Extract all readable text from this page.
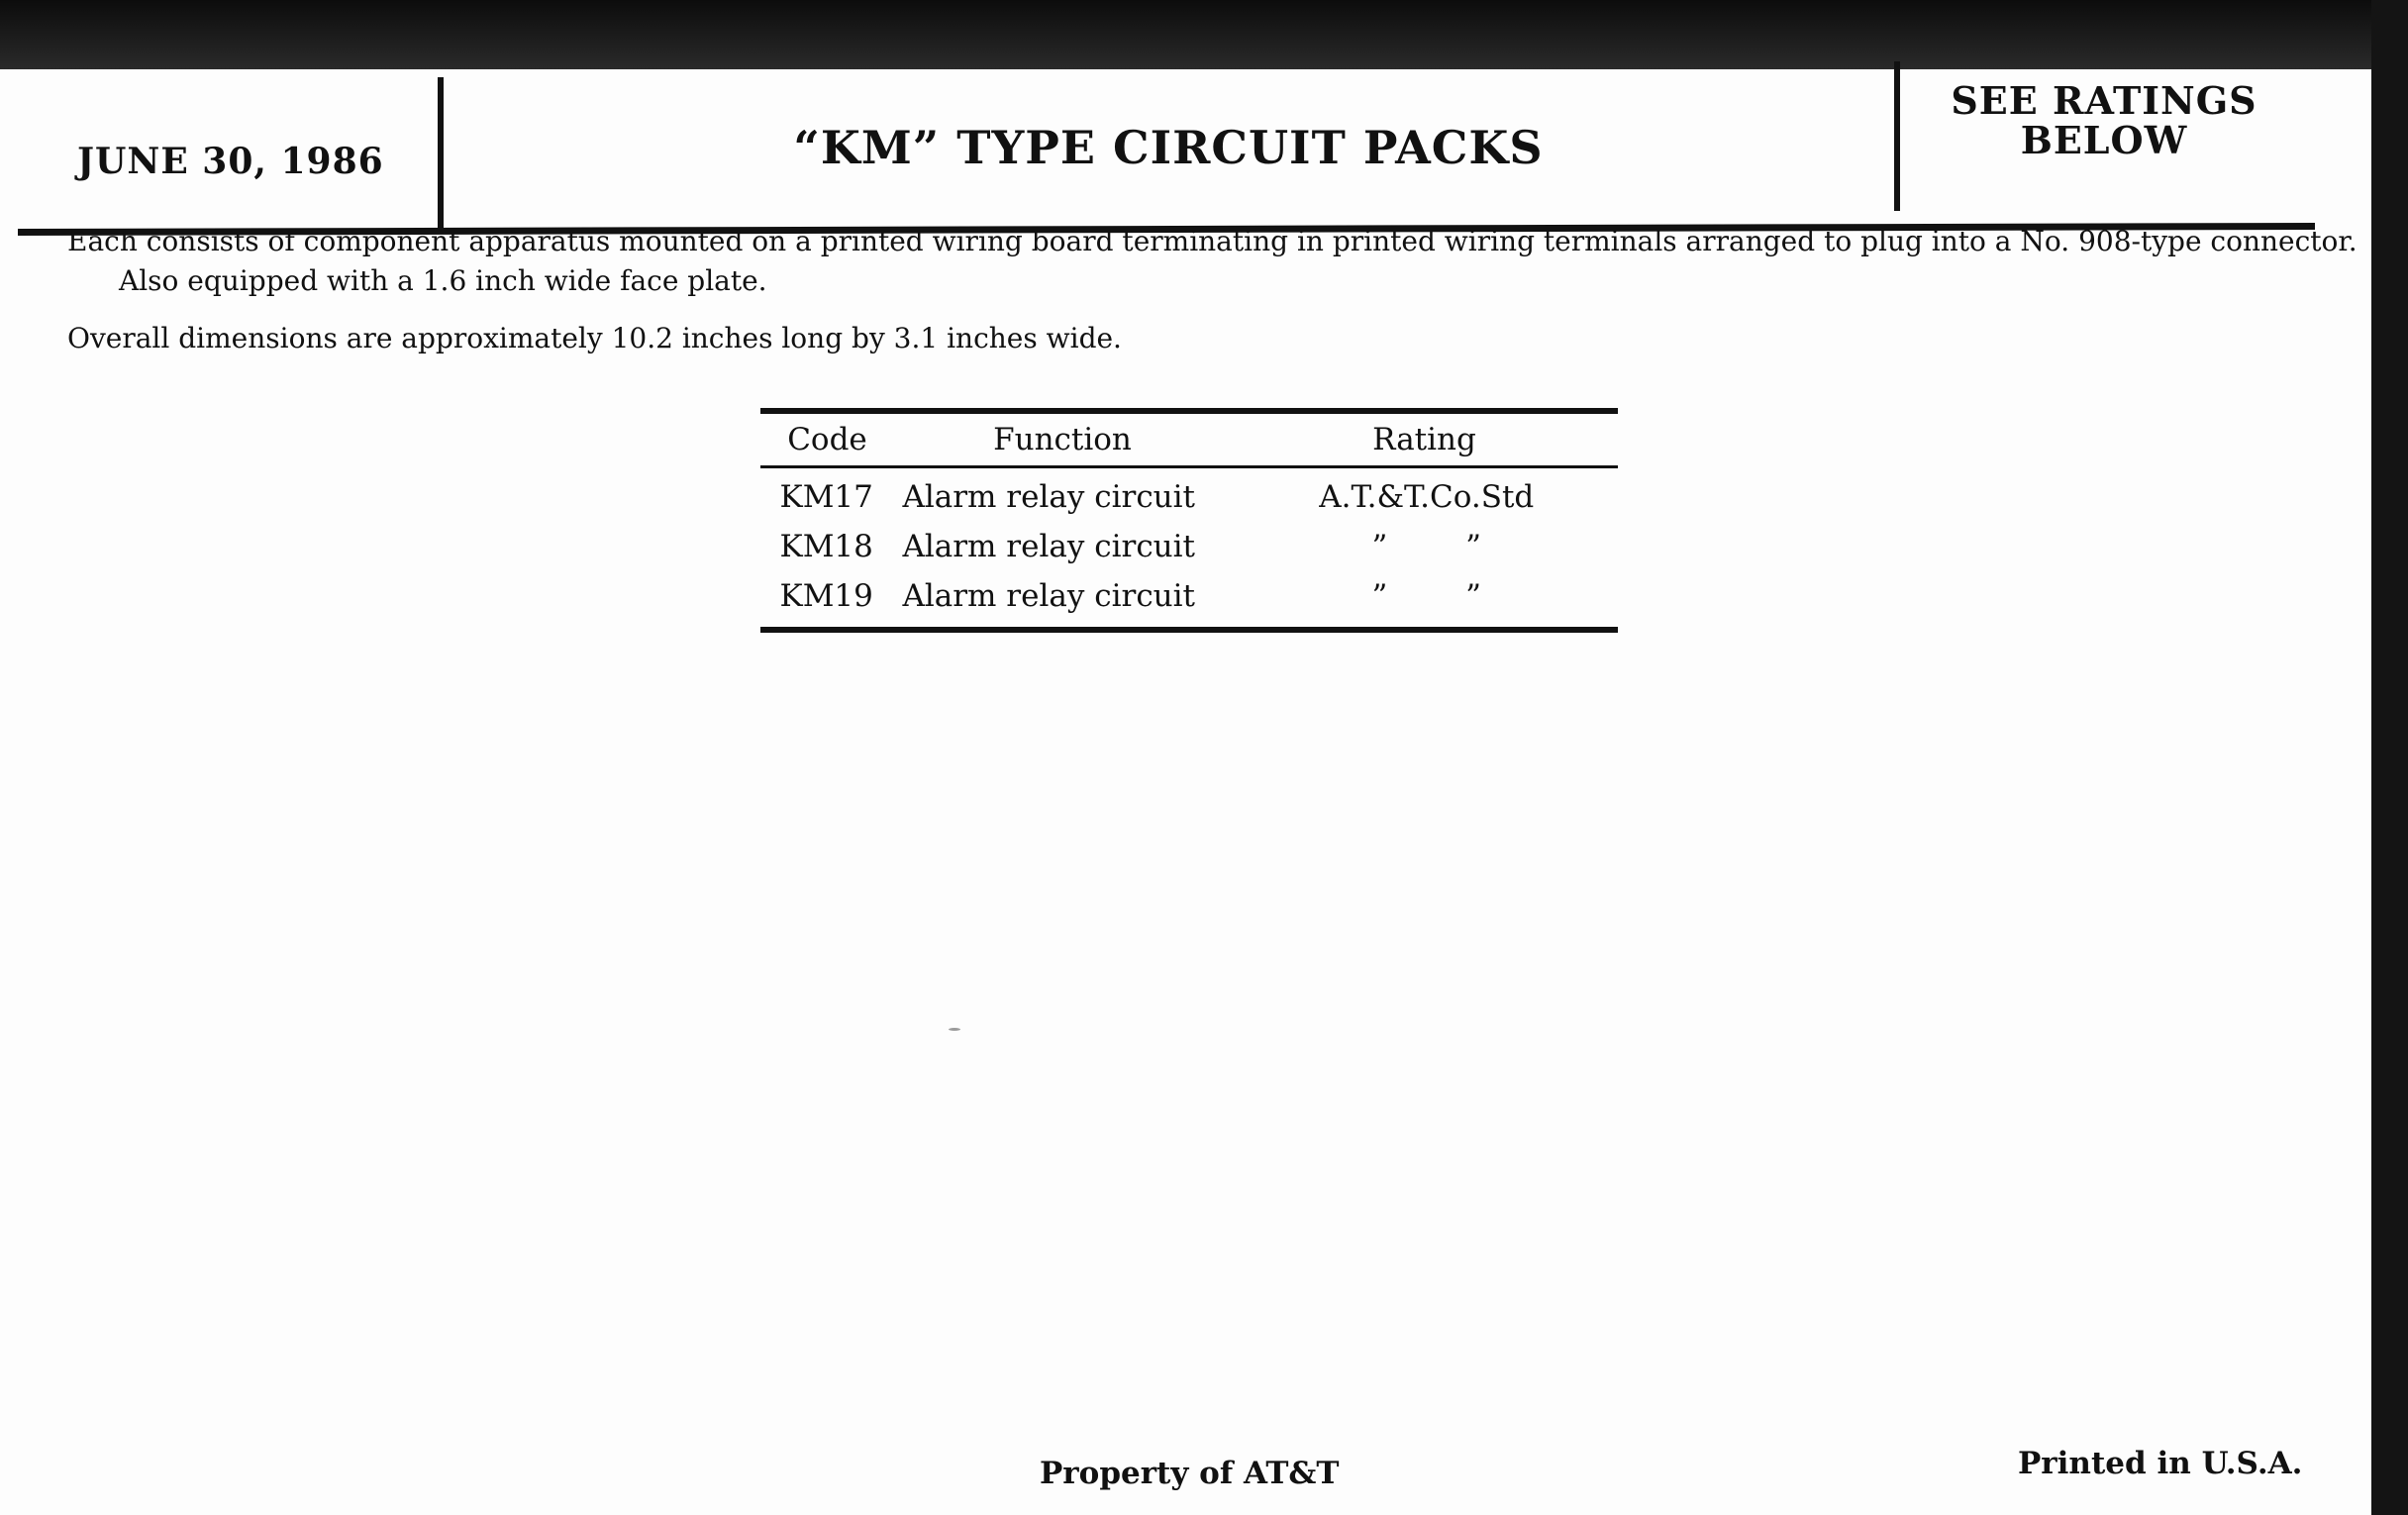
JUNE 30, 1986	“KM” TYPE CIRCUIT PACKS
SEE RATINGS
BELOW
Each consists of component apparatus mounted on a printed wiring board terminating in printed wiring terminals arranged to plug into a No. 908-type connector.
Also equipped with a 1.6 inch wide face plate.
Overall dimensions are approximately 10.2 inches long by 3.1 inches wide.
Code	Function	Rating
KM17 Alarm relay circuit	A.T.&T.Co.Std
KM18 Alarm relay circuit	”        ”
KM19 Alarm relay circuit	”        ”
Property of AT&T	Printed in U.S.A.
